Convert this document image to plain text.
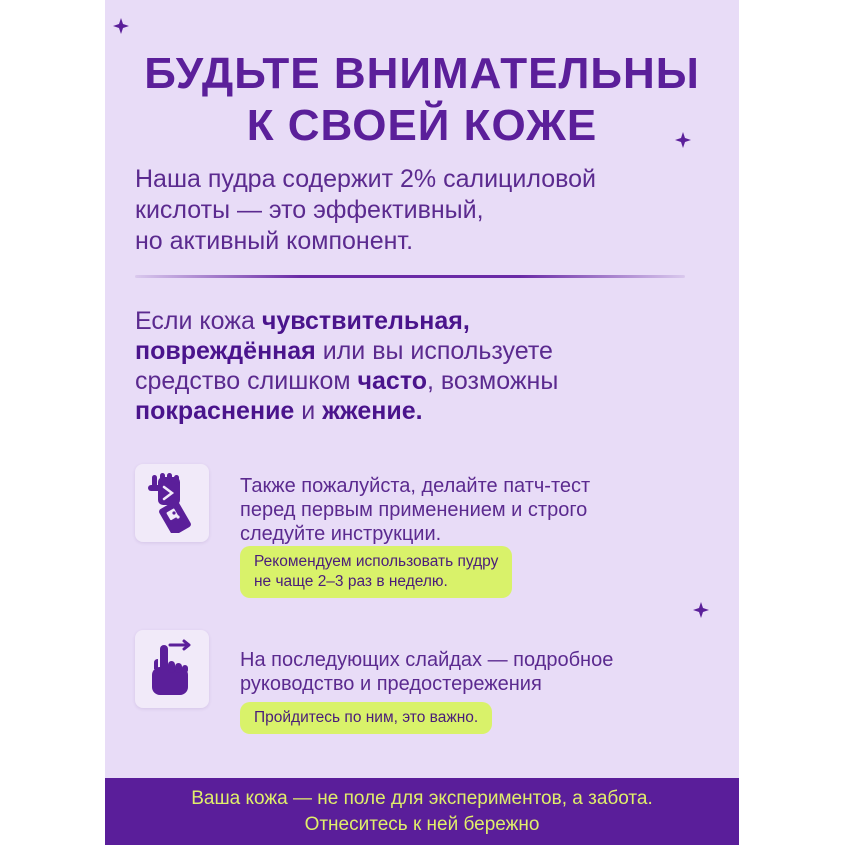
БУДЬТЕ ВНИМАТЕЛЬНЫ
К СВОЕЙ КОЖЕ
Наша пудра содержит 2% салициловой
кислоты — это эффективный,
но активный компонент.
Если кожа чувствительная,
повреждённая или вы используете
средство слишком часто, возможны
покраснение и жжение.
Также пожалуйста, делайте патч-тест
перед первым применением и строго
следуйте инструкции.
Рекомендуем использовать пудру
не чаще 2–3 раз в неделю.
На последующих слайдах — подробное
руководство и предостережения
Пройдитесь по ним, это важно.
Ваша кожа — не поле для экспериментов, а забота.
Отнеситесь к ней бережно
